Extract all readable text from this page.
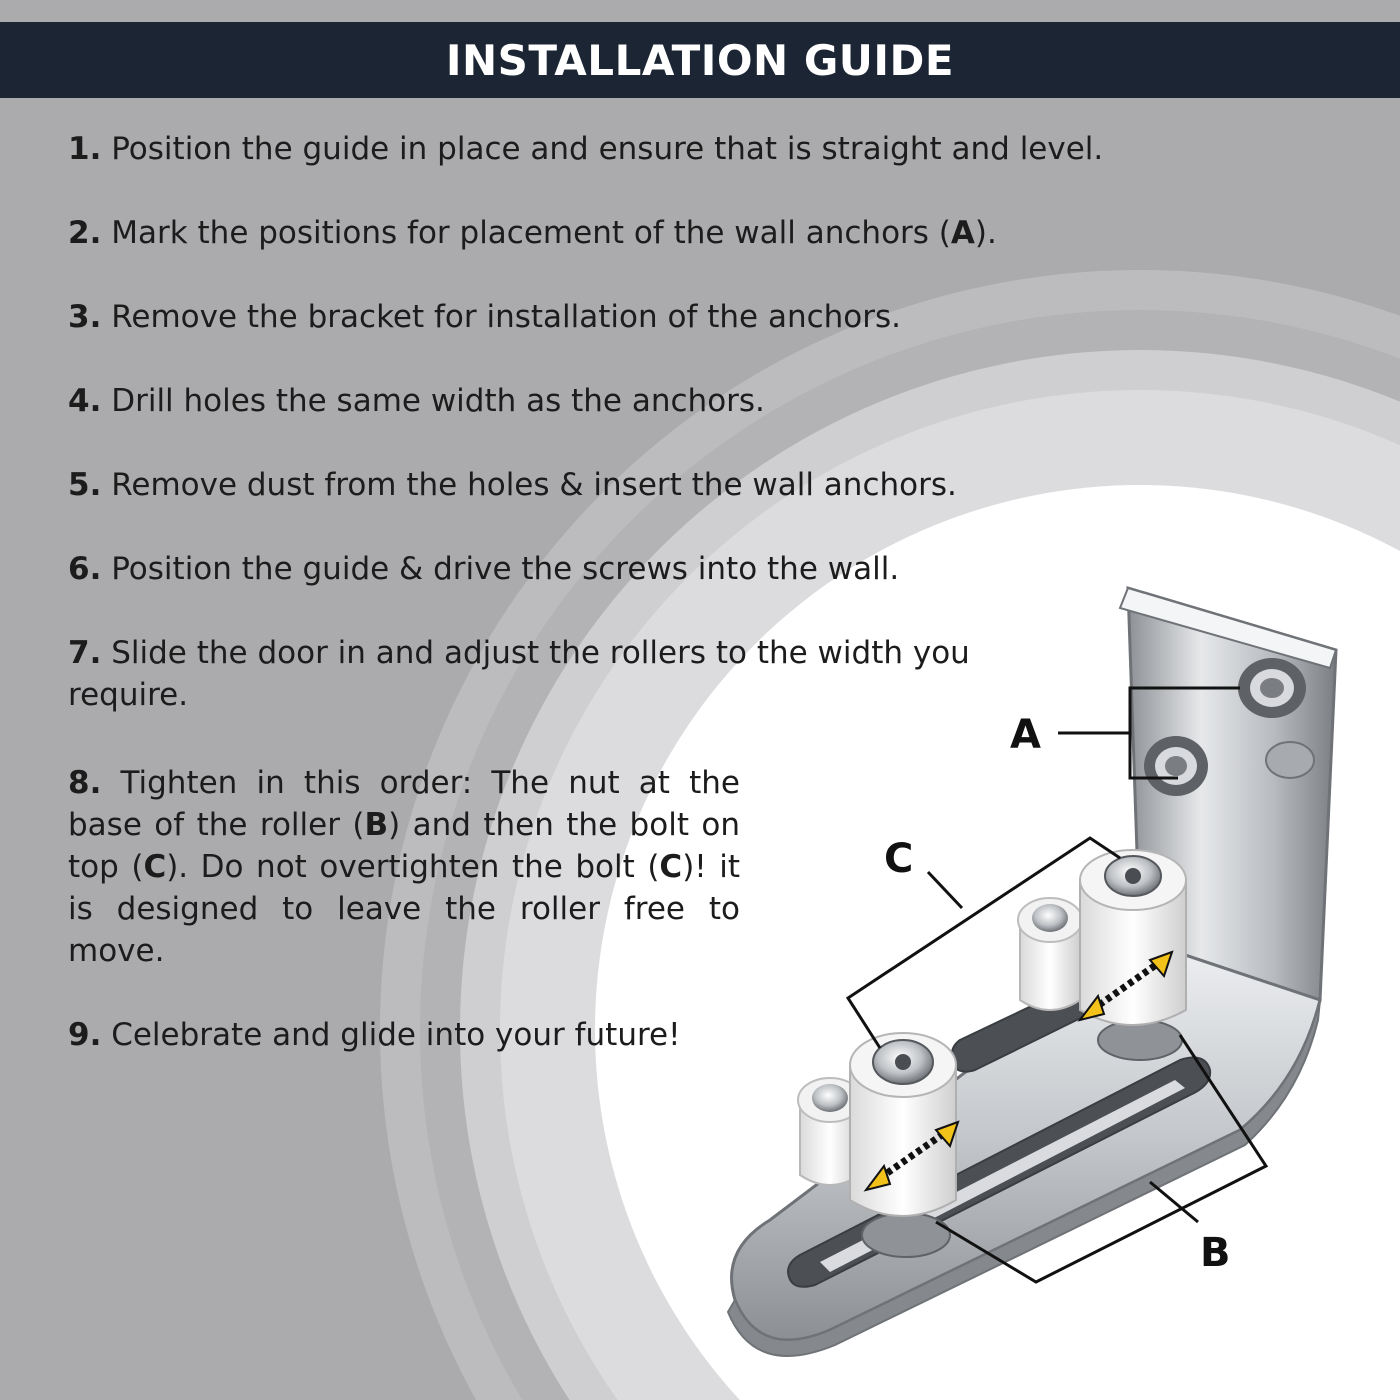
INSTALLATION GUIDE

1. Position the guide in place and ensure that is straight and level.

2. Mark the positions for placement of the wall anchors (A).

3. Remove the bracket for installation of the anchors.

4. Drill holes the same width as the anchors.

5. Remove dust from the holes & insert the wall anchors.

6. Position the guide & drive the screws into the wall.

7. Slide the door in and adjust the rollers to the width you
require.

8. Tighten in this order: The nut at the base of the roller (B) and then the bolt on top (C). Do not overtighten the bolt (C)! it is designed to leave the roller free to move.

9. Celebrate and glide into your future!

A
C
B
